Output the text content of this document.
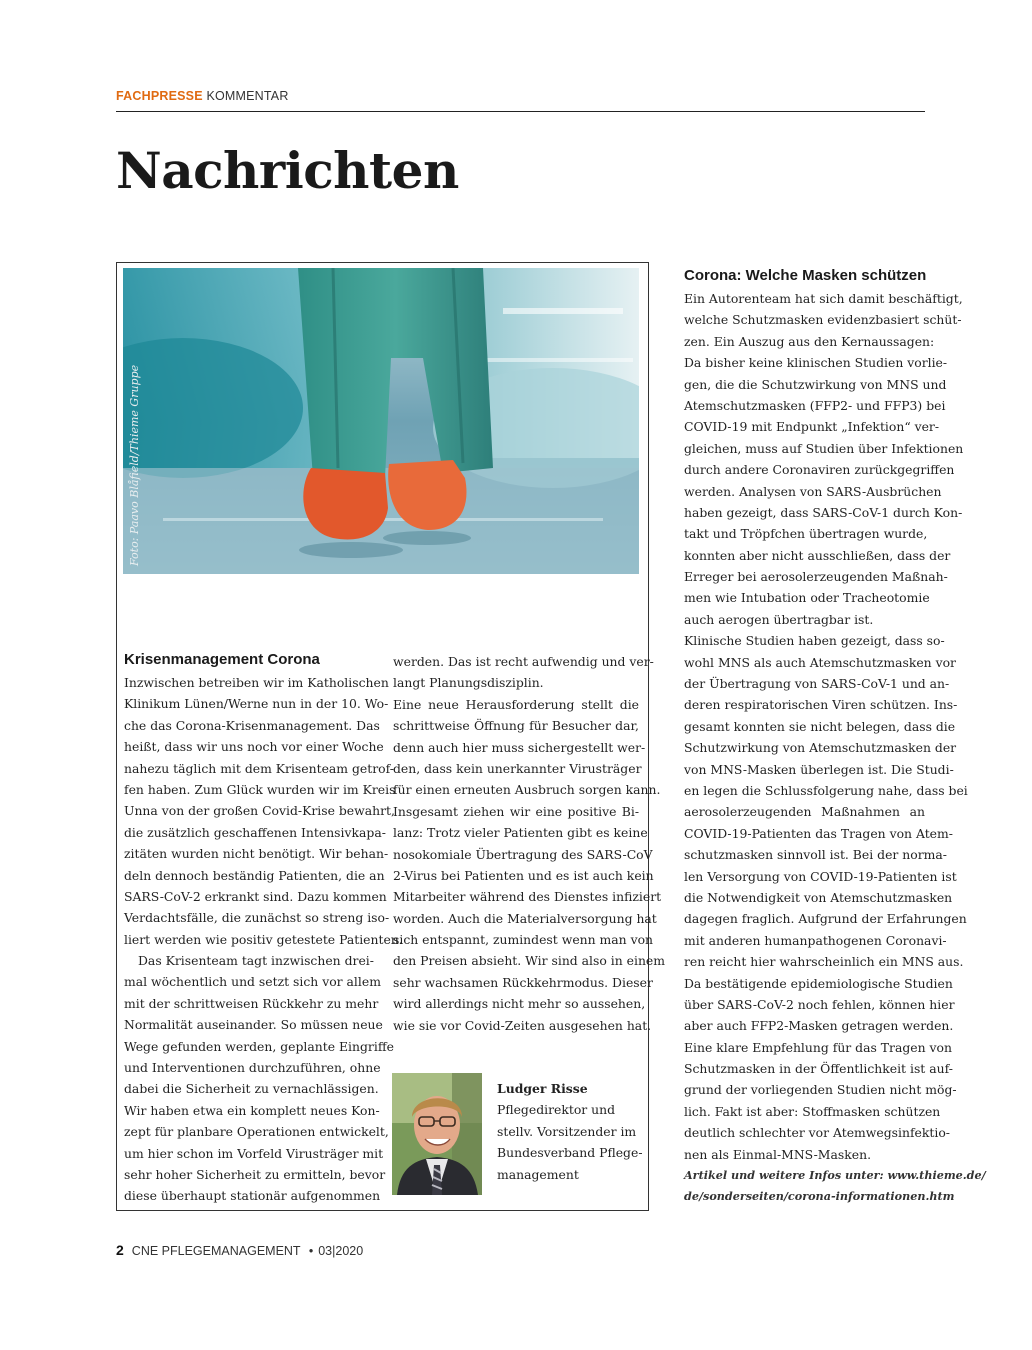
FACHPRESSE KOMMENTAR
Nachrichten
Foto: Paavo Blåfield/Thieme Gruppe
Krisenmanagement Corona
Inzwischen betreiben wir im Katholischen
Klinikum Lünen/Werne nun in der 10. Wo-
che das Corona-Krisenmanagement. Das
heißt, dass wir uns noch vor einer Woche
nahezu täglich mit dem Krisenteam getrof-
fen haben. Zum Glück wurden wir im Kreis
Unna von der großen Covid-Krise bewahrt,
die zusätzlich geschaffenen Intensivkapa-
zitäten wurden nicht benötigt. Wir behan-
deln dennoch beständig Patienten, die an
SARS-CoV-2 erkrankt sind. Dazu kommen
Verdachtsfälle, die zunächst so streng iso-
liert werden wie positiv getestete Patienten.
Das Krisenteam tagt inzwischen drei-
mal wöchentlich und setzt sich vor allem
mit der schrittweisen Rückkehr zu mehr
Normalität auseinander. So müssen neue
Wege gefunden werden, geplante Eingriffe
und Interventionen durchzuführen, ohne
dabei die Sicherheit zu vernachlässigen.
Wir haben etwa ein komplett neues Kon-
zept für planbare Operationen entwickelt,
um hier schon im Vorfeld Virusträger mit
sehr hoher Sicherheit zu ermitteln, bevor
diese überhaupt stationär aufgenommen
werden. Das ist recht aufwendig und ver-
langt Planungsdisziplin.
Eine neue Herausforderung stellt die
schrittweise Öffnung für Besucher dar,
denn auch hier muss sichergestellt wer-
den, dass kein unerkannter Virusträger
für einen erneuten Ausbruch sorgen kann.
Insgesamt ziehen wir eine positive Bi-
lanz: Trotz vieler Patienten gibt es keine
nosokomiale Übertragung des SARS-CoV
2-Virus bei Patienten und es ist auch kein
Mitarbeiter während des Dienstes infiziert
worden. Auch die Materialversorgung hat
sich entspannt, zumindest wenn man von
den Preisen absieht. Wir sind also in einem
sehr wachsamen Rückkehrmodus. Dieser
wird allerdings nicht mehr so aussehen,
wie sie vor Covid-Zeiten ausgesehen hat.
Ludger Risse
Pflegedirektor und
stellv. Vorsitzender im
Bundesverband Pflege-
management
Corona: Welche Masken schützen
Ein Autorenteam hat sich damit beschäftigt,
welche Schutzmasken evidenzbasiert schüt-
zen. Ein Auszug aus den Kernaussagen:
Da bisher keine klinischen Studien vorlie-
gen, die die Schutzwirkung von MNS und
Atemschutzmasken (FFP2- und FFP3) bei
COVID-19 mit Endpunkt „Infektion“ ver-
gleichen, muss auf Studien über Infektionen
durch andere Coronaviren zurückgegriffen
werden. Analysen von SARS-Ausbrüchen
haben gezeigt, dass SARS-CoV-1 durch Kon-
takt und Tröpfchen übertragen wurde,
konnten aber nicht ausschließen, dass der
Erreger bei aerosolerzeugenden Maßnah-
men wie Intubation oder Tracheotomie
auch aerogen übertragbar ist.
Klinische Studien haben gezeigt, dass so-
wohl MNS als auch Atemschutzmasken vor
der Übertragung von SARS-CoV-1 und an-
deren respiratorischen Viren schützen. Ins-
gesamt konnten sie nicht belegen, dass die
Schutzwirkung von Atemschutzmasken der
von MNS-Masken überlegen ist. Die Studi-
en legen die Schlussfolgerung nahe, dass bei
aerosolerzeugenden Maßnahmen an
COVID-19-Patienten das Tragen von Atem-
schutzmasken sinnvoll ist. Bei der norma-
len Versorgung von COVID-19-Patienten ist
die Notwendigkeit von Atemschutzmasken
dagegen fraglich. Aufgrund der Erfahrungen
mit anderen humanpathogenen Coronavi-
ren reicht hier wahrscheinlich ein MNS aus.
Da bestätigende epidemiologische Studien
über SARS-CoV-2 noch fehlen, können hier
aber auch FFP2-Masken getragen werden.
Eine klare Empfehlung für das Tragen von
Schutzmasken in der Öffentlichkeit ist auf-
grund der vorliegenden Studien nicht mög-
lich. Fakt ist aber: Stoffmasken schützen
deutlich schlechter vor Atemwegsinfektio-
nen als Einmal-MNS-Masken.
Artikel und weitere Infos unter: www.thieme.de/
de/sonderseiten/corona-informationen.htm
2 CNE PFLEGEMANAGEMENT • 03|2020
